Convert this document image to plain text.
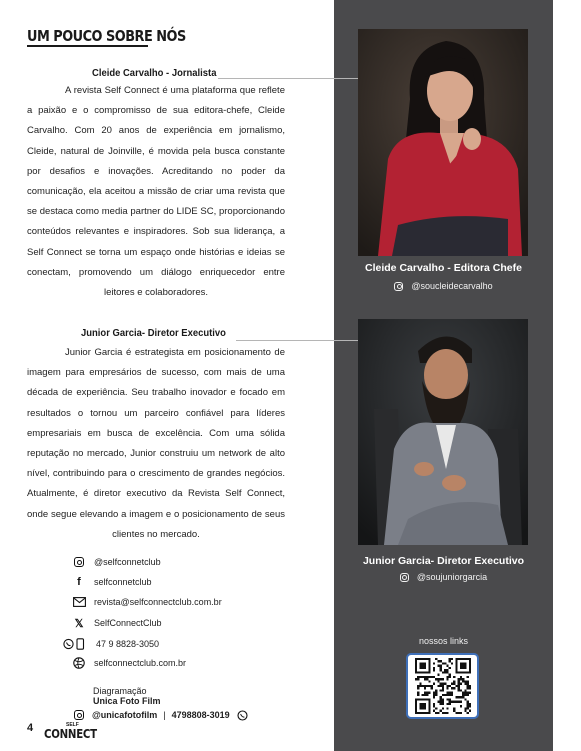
UM POUCO SOBRE NÓS
Cleide Carvalho - Jornalista

A revista Self Connect é uma plataforma que reflete a paixão e o compromisso de sua editora-chefe, Cleide Carvalho. Com 20 anos de experiência em jornalismo, Cleide, natural de Joinville, é movida pela busca constante por desafios e inovações. Acreditando no poder da comunicação, ela aceitou a missão de criar uma revista que se destaca como media partner do LIDE SC, proporcionando conteúdos relevantes e inspiradores. Sob sua liderança, a Self Connect se torna um espaço onde histórias e ideias se conectam, promovendo um diálogo enriquecedor entre leitores e colaboradores.

Cleide Carvalho - Editora Chefe
@soucleidecarvalho
Junior Garcia- Diretor Executivo

Junior Garcia é estrategista em posicionamento de imagem para empresários de sucesso, com mais de uma década de experiência. Seu trabalho inovador e focado em resultados o tornou um parceiro confiável para líderes empresariais em busca de excelência. Com uma sólida reputação no mercado, Junior construiu um network de alto nível, contribuindo para o crescimento de grandes negócios. Atualmente, é diretor executivo da Revista Self Connect, onde segue elevando a imagem e o posicionamento de seus clientes no mercado.

Junior Garcia- Diretor Executivo
@soujuniorgarcia
@selfconnetclub
f	selfconnetclub
revista@selfconnectclub.com.br
𝕏 SelfConnectClub
47 9 8828-3050
selfconnectclub.com.br
Diagramação
Unica Foto Film
@unicafotofilm | 4798808-3019
nossos links
4	SELF
CONNECT
